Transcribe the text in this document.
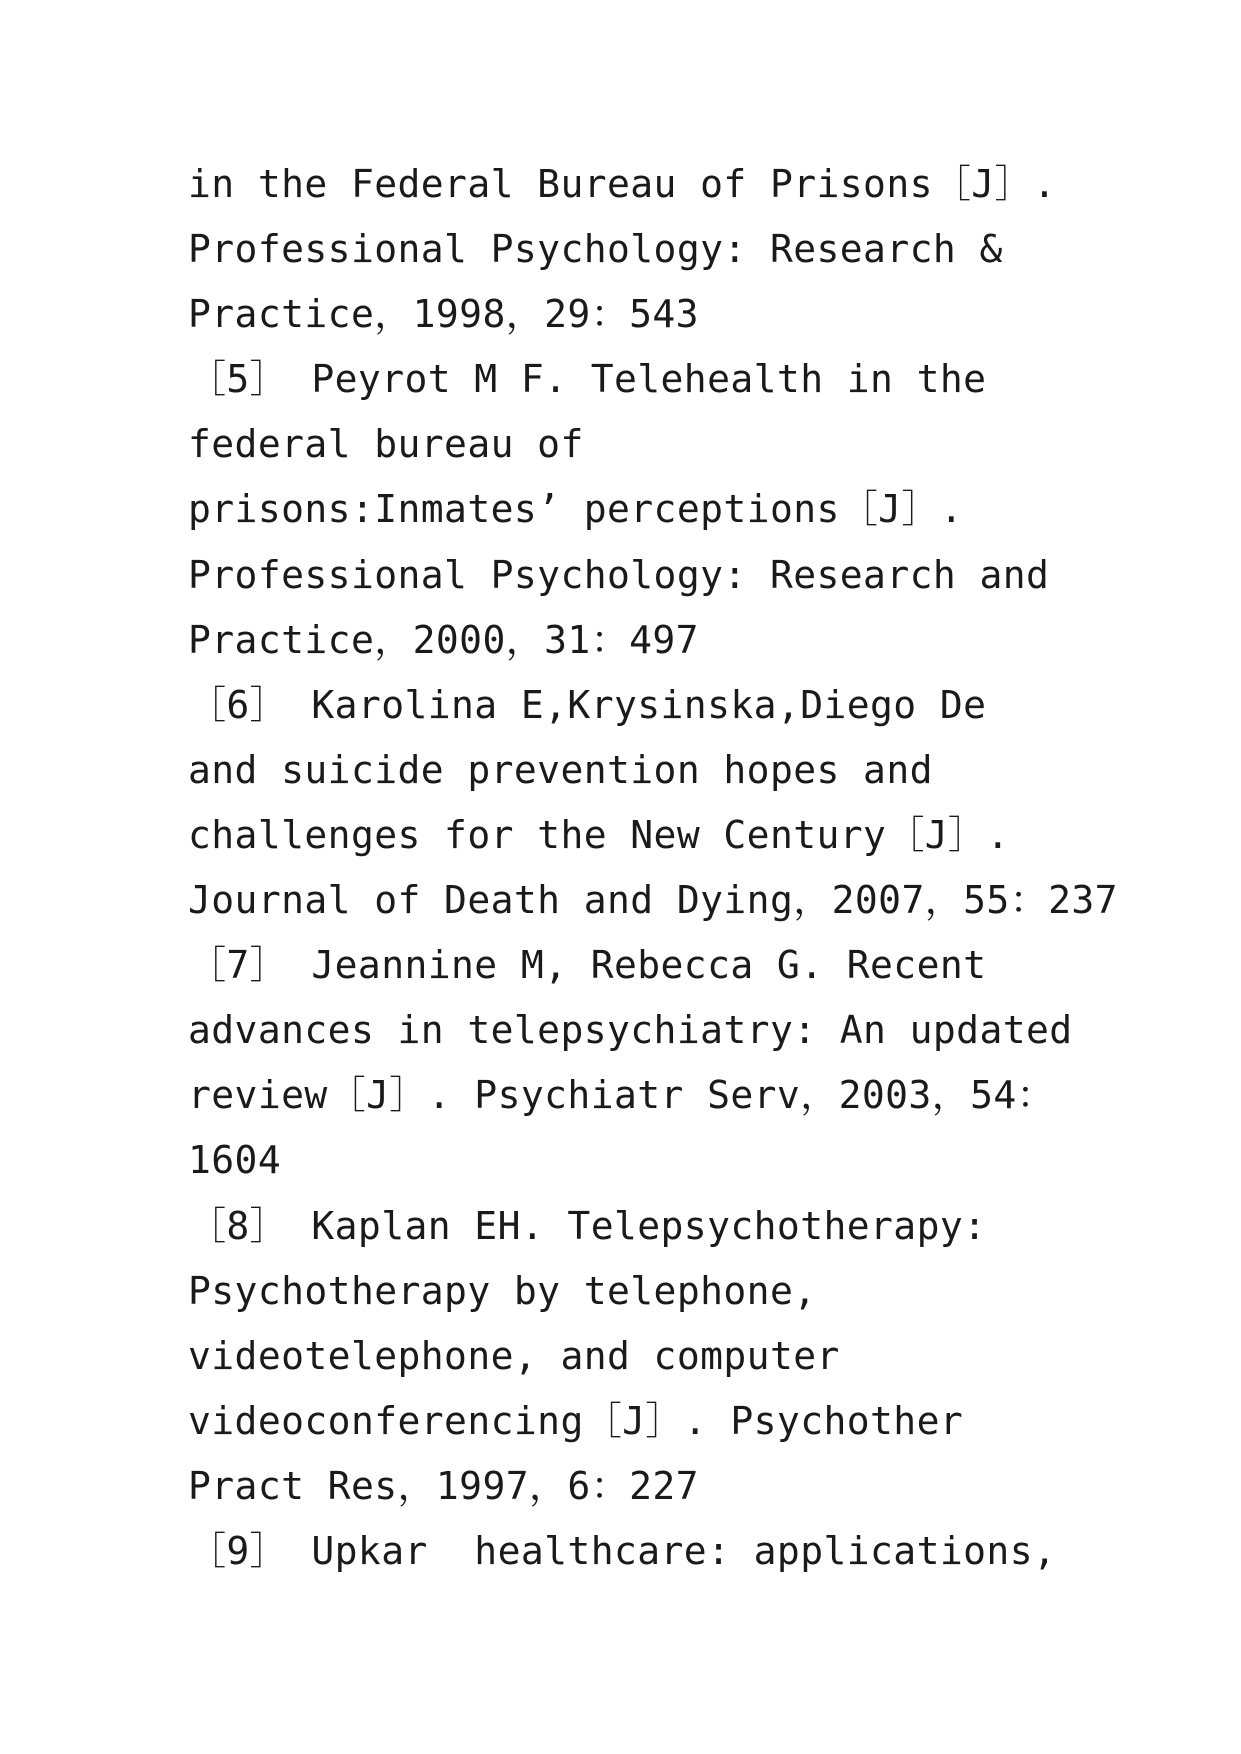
in the Federal Bureau of Prisons［J］.
Professional Psychology: Research &
Practice，1998，29：543
［5］ Peyrot M F. Telehealth in the
federal bureau of
prisons:Inmates’ perceptions［J］.
Professional Psychology: Research and
Practice，2000，31：497
［6］ Karolina E,Krysinska,Diego De
and suicide prevention hopes and
challenges for the New Century［J］.
Journal of Death and Dying，2007，55：237
［7］ Jeannine M, Rebecca G. Recent
advances in telepsychiatry: An updated
review［J］. Psychiatr Serv，2003，54：
1604
［8］ Kaplan EH. Telepsychotherapy:
Psychotherapy by telephone,
videotelephone, and computer
videoconferencing［J］. Psychother
Pract Res，1997，6：227
［9］ Upkar  healthcare: applications,
